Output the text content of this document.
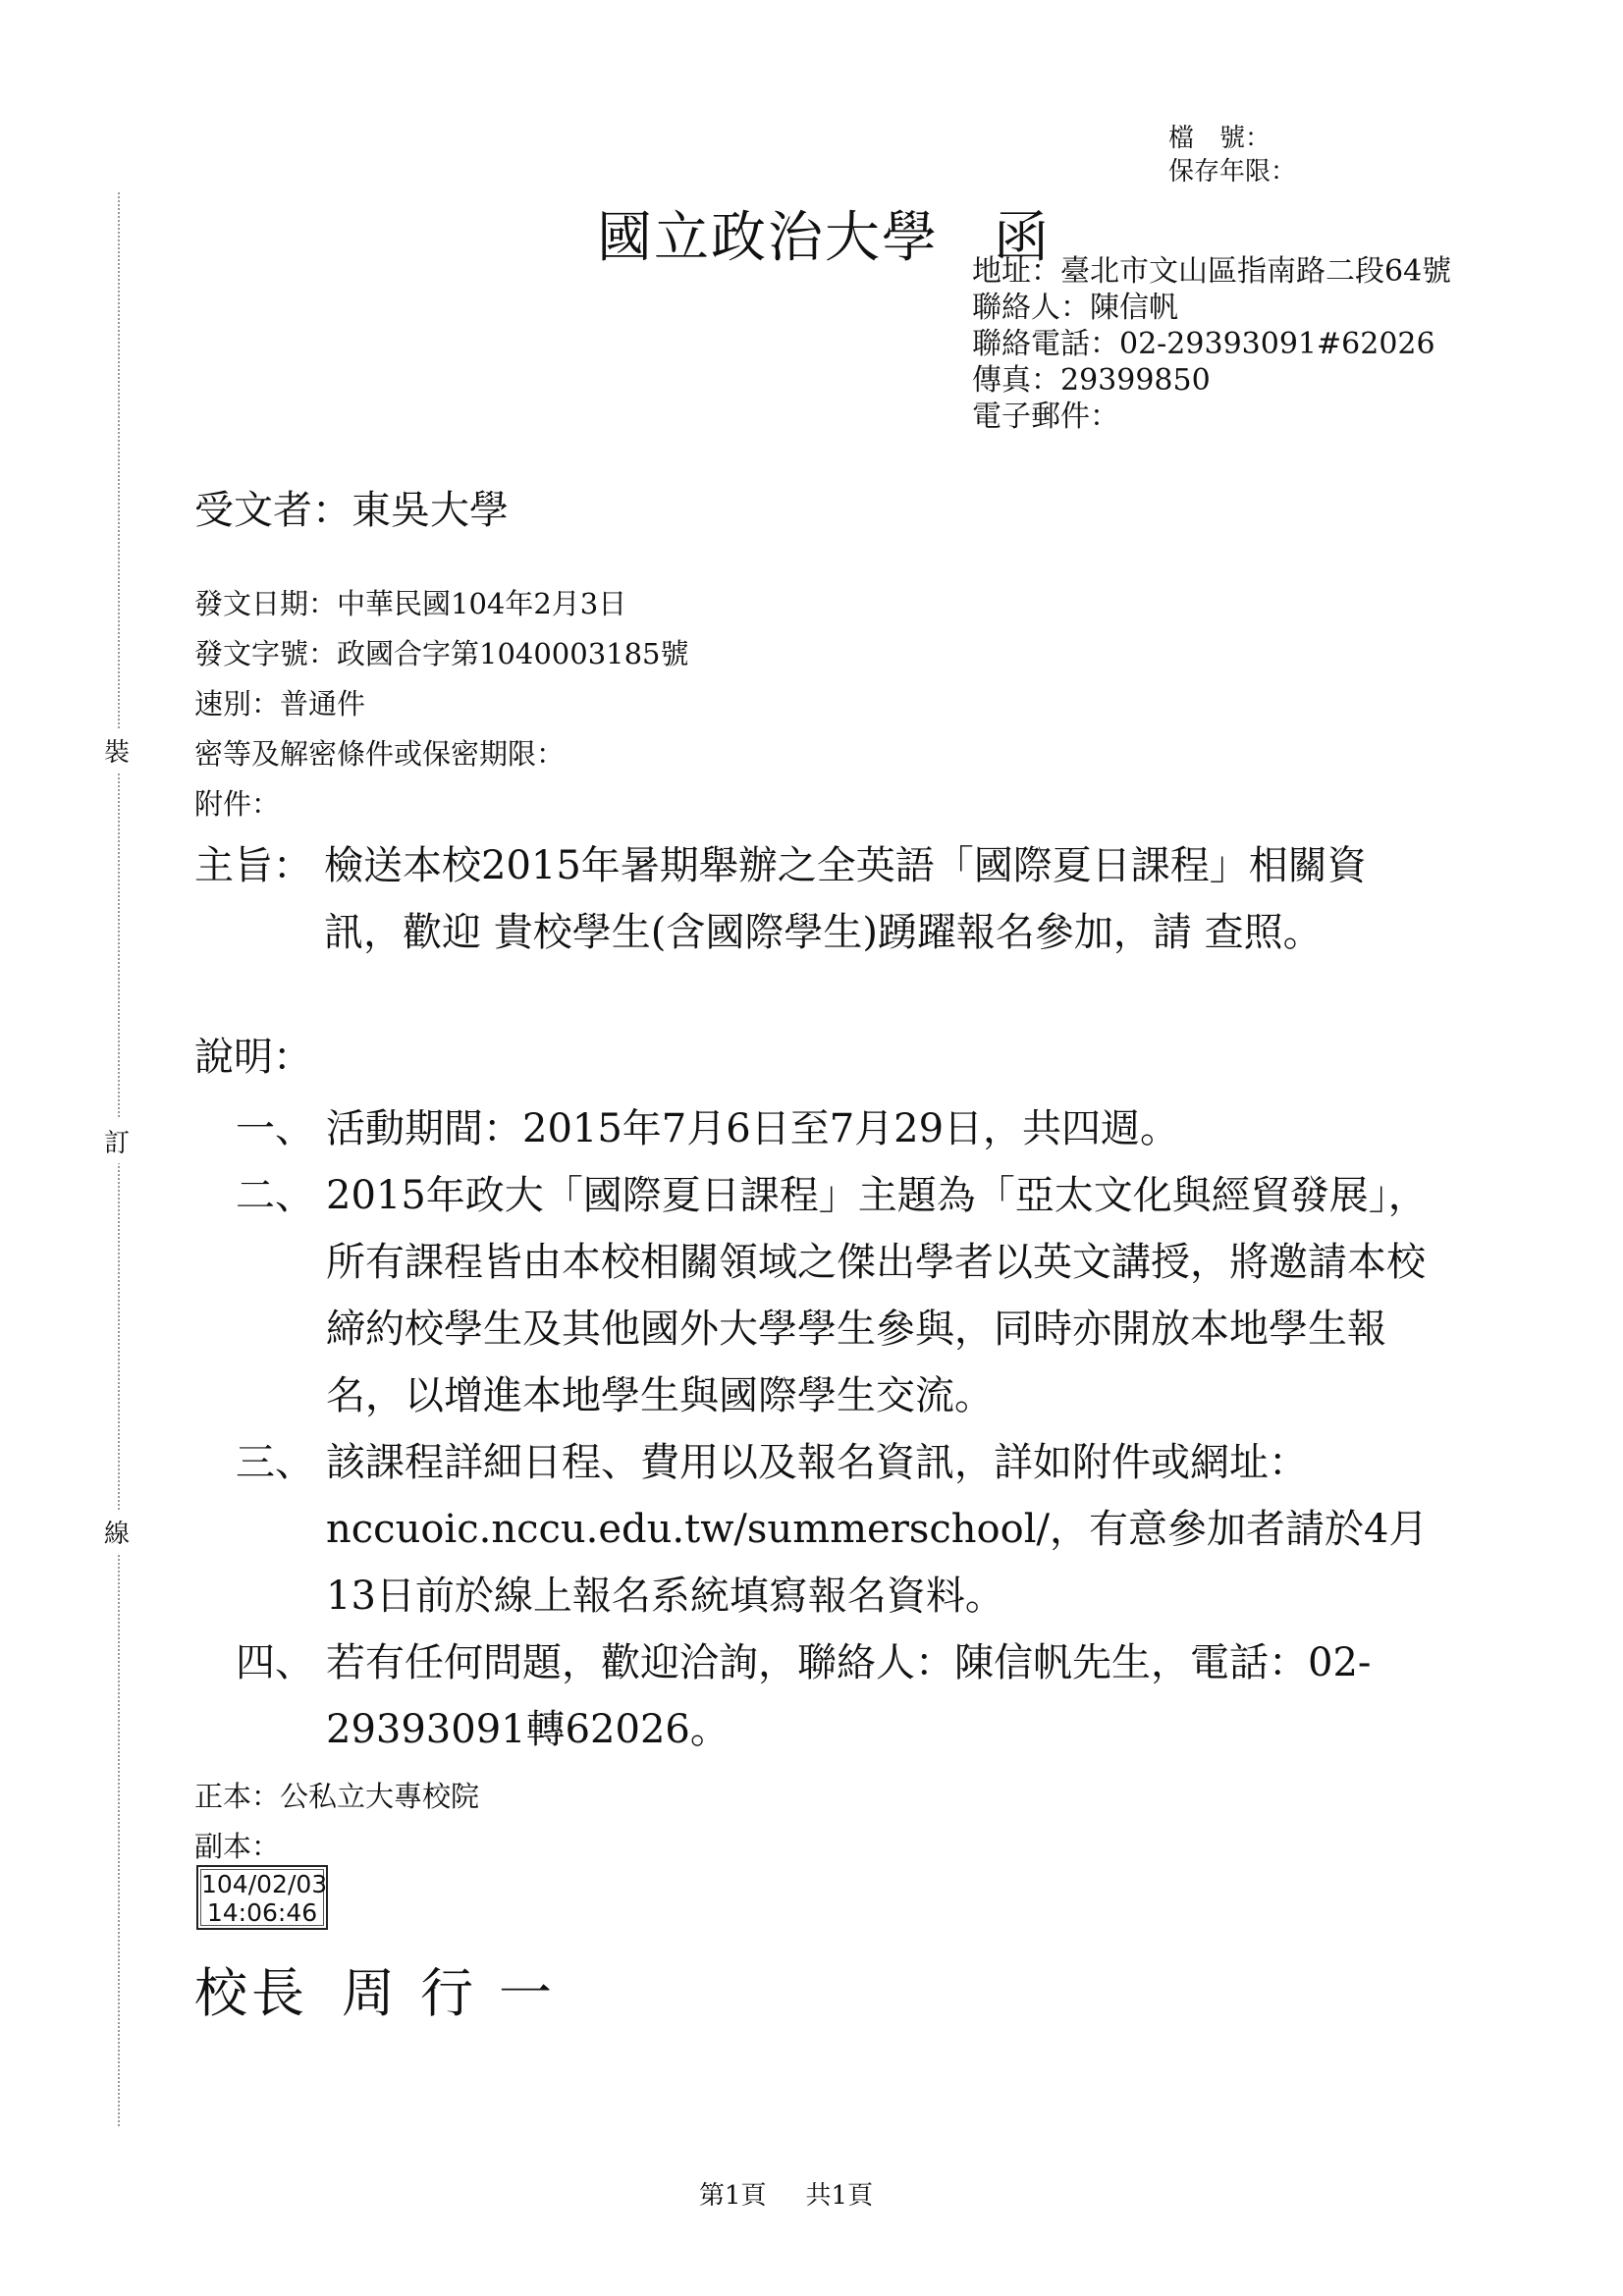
裝
訂
線
檔　號：
保存年限：
國立政治大學 函
地址：臺北市文山區指南路二段64號
聯絡人：陳信帆
聯絡電話：02-29393091#62026
傳真：29399850
電子郵件：
受文者：東吳大學
發文日期：中華民國104年2月3日
發文字號：政國合字第1040003185號
速別：普通件
密等及解密條件或保密期限：
附件：
主旨： 檢送本校2015年暑期舉辦之全英語「國際夏日課程」相關資訊，歡迎 貴校學生(含國際學生)踴躍報名參加，請 查照。
說明：
一、 活動期間：2015年7月6日至7月29日，共四週。
二、 2015年政大「國際夏日課程」主題為「亞太文化與經貿發展」，所有課程皆由本校相關領域之傑出學者以英文講授，將邀請本校締約校學生及其他國外大學學生參與，同時亦開放本地學生報名，以增進本地學生與國際學生交流。
三、 該課程詳細日程、費用以及報名資訊，詳如附件或網址：nccuoic.nccu.edu.tw/summerschool/，有意參加者請於4月13日前於線上報名系統填寫報名資料。
四、 若有任何問題，歡迎洽詢，聯絡人：陳信帆先生，電話：02-29393091轉62026。
正本：公私立大專校院
副本：
104/02/03
14:06:46
校長 周行一
第1頁 共1頁
